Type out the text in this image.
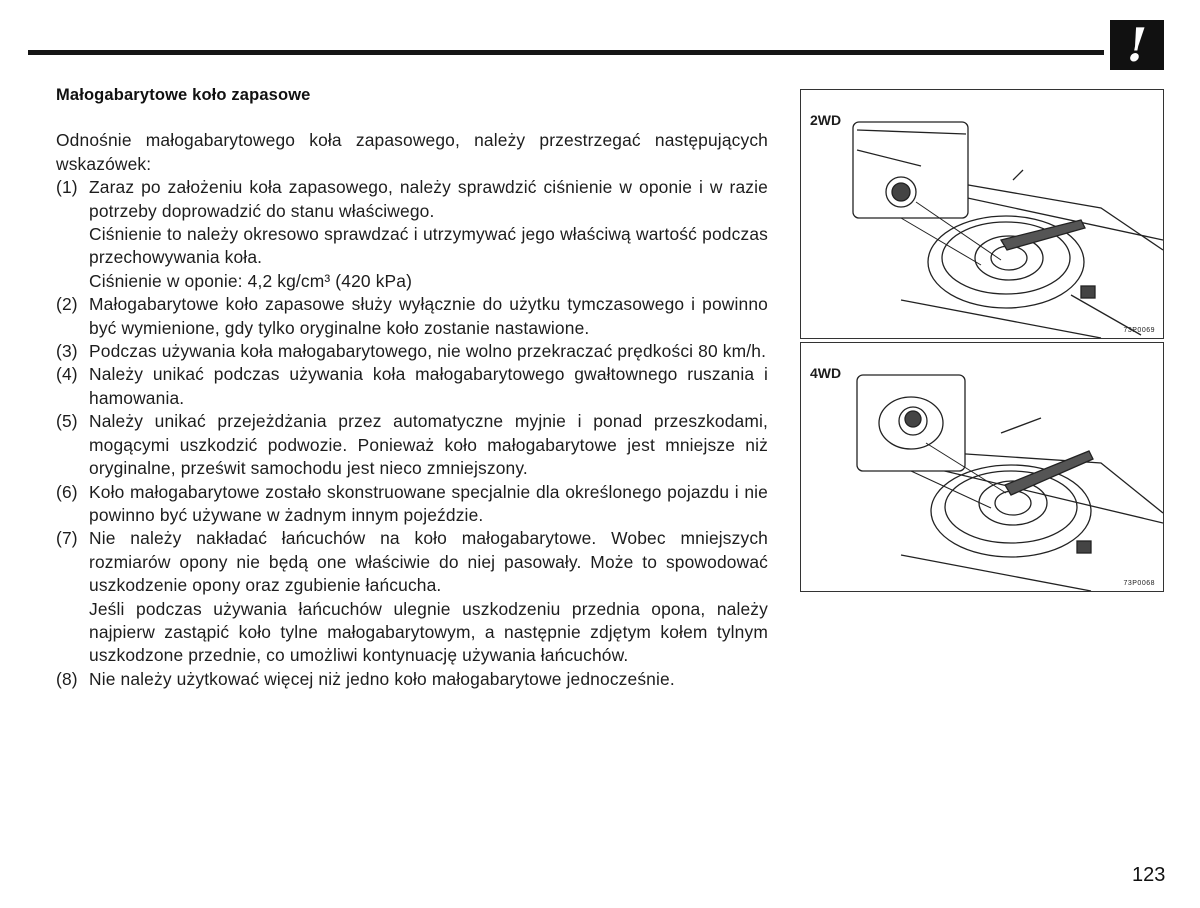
!
Małogabarytowe koło zapasowe

Odnośnie małogabarytowego koła zapasowego, należy przestrzegać następujących wskazówek:

(1) Zaraz po założeniu koła zapasowego, należy sprawdzić ciśnienie w oponie i w razie potrzeby doprowadzić do stanu właściwego.

Ciśnienie to należy okresowo sprawdzać i utrzymywać jego właściwą wartość podczas przechowywania koła.

Ciśnienie w oponie: 4,2 kg/cm³ (420 kPa)

(2) Małogabarytowe koło zapasowe służy wyłącznie do użytku tymczasowego i powinno być wymienione, gdy tylko oryginalne koło zostanie nastawione.

(3) Podczas używania koła małogabarytowego, nie wolno przekraczać prędkości 80 km/h.

(4) Należy unikać podczas używania koła małogabarytowego gwałtownego ruszania i hamowania.

(5) Należy unikać przejeżdżania przez automatyczne myjnie i ponad przeszkodami, mogącymi uszkodzić podwozie. Ponieważ koło małogabarytowe jest mniejsze niż oryginalne, prześwit samochodu jest nieco zmniejszony.

(6) Koło małogabarytowe zostało skonstruowane specjalnie dla określonego pojazdu i nie powinno być używane w żadnym innym pojeździe.

(7) Nie należy nakładać łańcuchów na koło małogabarytowe. Wobec mniejszych rozmiarów opony nie będą one właściwie do niej pasowały. Może to spowodować uszkodzenie opony oraz zgubienie łańcucha.

Jeśli podczas używania łańcuchów ulegnie uszkodzeniu przednia opona, należy najpierw zastąpić koło tylne małogabarytowym, a następnie zdjętym kołem tylnym uszkodzone przednie, co umożliwi kontynuację używania łańcuchów.

(8) Nie należy użytkować więcej niż jedno koło małogabarytowe jednocześnie.

2WD
73P0069
4WD
73P0068
123
